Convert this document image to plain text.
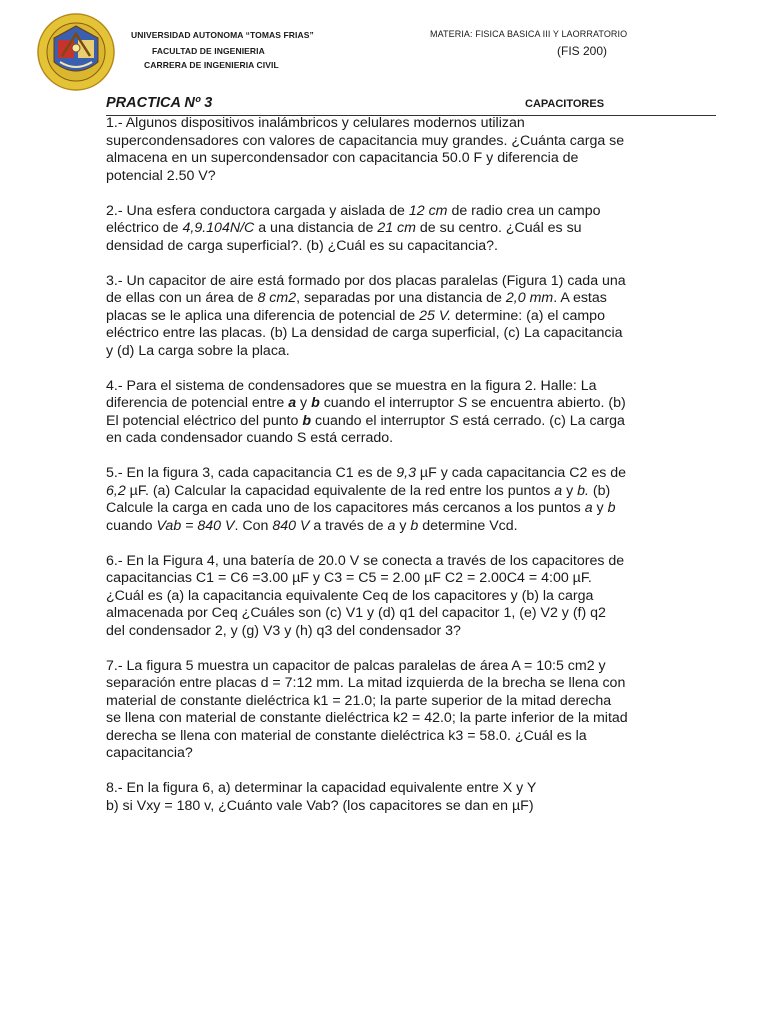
UNIVERSIDAD AUTONOMA “TOMAS FRIAS”
FACULTAD DE INGENIERIA
CARRERA DE INGENIERIA CIVIL
MATERIA: FISICA BASICA III Y LAORRATORIO
(FIS 200)
PRACTICA Nº 3	CAPACITORES
1.- Algunos dispositivos inalámbricos y celulares modernos utilizan
supercondensadores con valores de capacitancia muy grandes. ¿Cuánta carga se
almacena en un supercondensador con capacitancia 50.0 F y diferencia de
potencial 2.50 V?
2.- Una esfera conductora cargada y aislada de 12 cm de radio crea un campo
eléctrico de 4,9.104N/C a una distancia de 21 cm de su centro. ¿Cuál es su
densidad de carga superficial?. (b) ¿Cuál es su capacitancia?.
3.- Un capacitor de aire está formado por dos placas paralelas (Figura 1) cada una
de ellas con un área de 8 cm2, separadas por una distancia de 2,0 mm. A estas
placas se le aplica una diferencia de potencial de 25 V. determine: (a) el campo
eléctrico entre las placas. (b) La densidad de carga superficial, (c) La capacitancia
y (d) La carga sobre la placa.
4.- Para el sistema de condensadores que se muestra en la figura 2. Halle: La
diferencia de potencial entre a y b cuando el interruptor S se encuentra abierto. (b)
El potencial eléctrico del punto b cuando el interruptor S está cerrado. (c) La carga
en cada condensador cuando S está cerrado.
5.- En la figura 3, cada capacitancia C1 es de 9,3 µF y cada capacitancia C2 es de
6,2 µF. (a) Calcular la capacidad equivalente de la red entre los puntos a y b. (b)
Calcule la carga en cada uno de los capacitores más cercanos a los puntos a y b
cuando Vab = 840 V. Con 840 V a través de a y b determine Vcd.
6.- En la Figura 4, una batería de 20.0 V se conecta a través de los capacitores de
capacitancias C1 = C6 =3.00 µF y C3 = C5 = 2.00 µF C2 = 2.00C4 = 4:00 µF.
¿Cuál es (a) la capacitancia equivalente Ceq de los capacitores y (b) la carga
almacenada por Ceq ¿Cuáles son (c) V1 y (d) q1 del capacitor 1, (e) V2 y (f) q2
del condensador 2, y (g) V3 y (h) q3 del condensador 3?
7.- La figura 5 muestra un capacitor de palcas paralelas de área A = 10:5 cm2 y
separación entre placas d = 7:12 mm. La mitad izquierda de la brecha se llena con
material de constante dieléctrica k1 = 21.0; la parte superior de la mitad derecha
se llena con material de constante dieléctrica k2 = 42.0; la parte inferior de la mitad
derecha se llena con material de constante dieléctrica k3 = 58.0. ¿Cuál es la
capacitancia?
8.- En la figura 6, a) determinar la capacidad equivalente entre X y Y
b) si Vxy = 180 v, ¿Cuánto vale Vab? (los capacitores se dan en µF)
